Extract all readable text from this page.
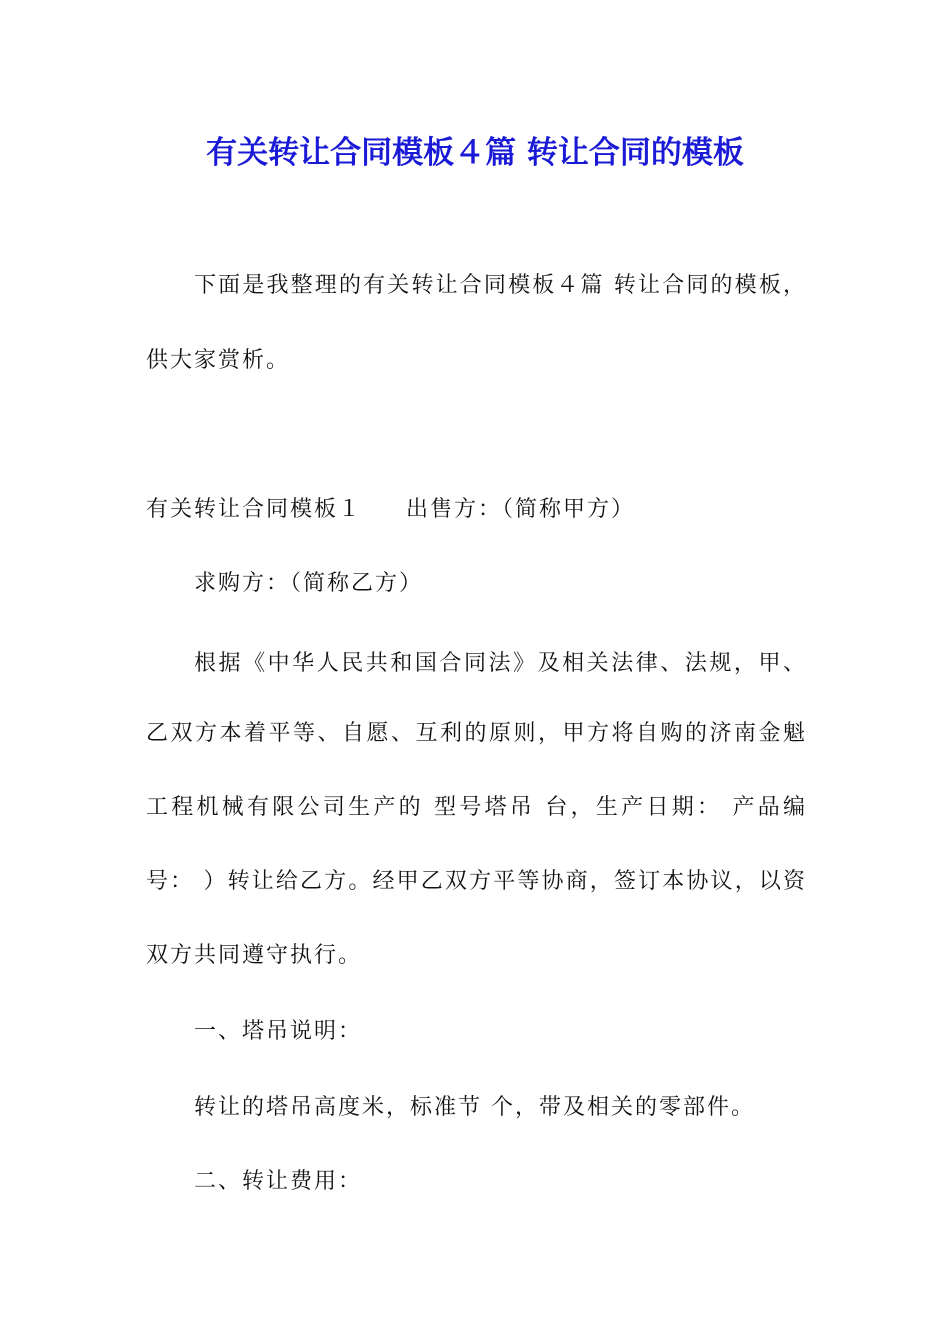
有关转让合同模板４篇 转让合同的模板

下面是我整理的有关转让合同模板４篇 转让合同的模板，

供大家赏析。

有关转让合同模板１ 出售方：（简称甲方）

求购方：（简称乙方）

根据《中华人民共和国合同法》及相关法律、法规，甲、

乙双方本着平等、自愿、互利的原则，甲方将自购的济南金魁

工程机械有限公司生产的 型号塔吊 台，生产日期： 产品编

号： ）转让给乙方。经甲乙双方平等协商，签订本协议，以资

双方共同遵守执行。

一、塔吊说明：

转让的塔吊高度米，标准节 个，带及相关的零部件。

二、转让费用：
